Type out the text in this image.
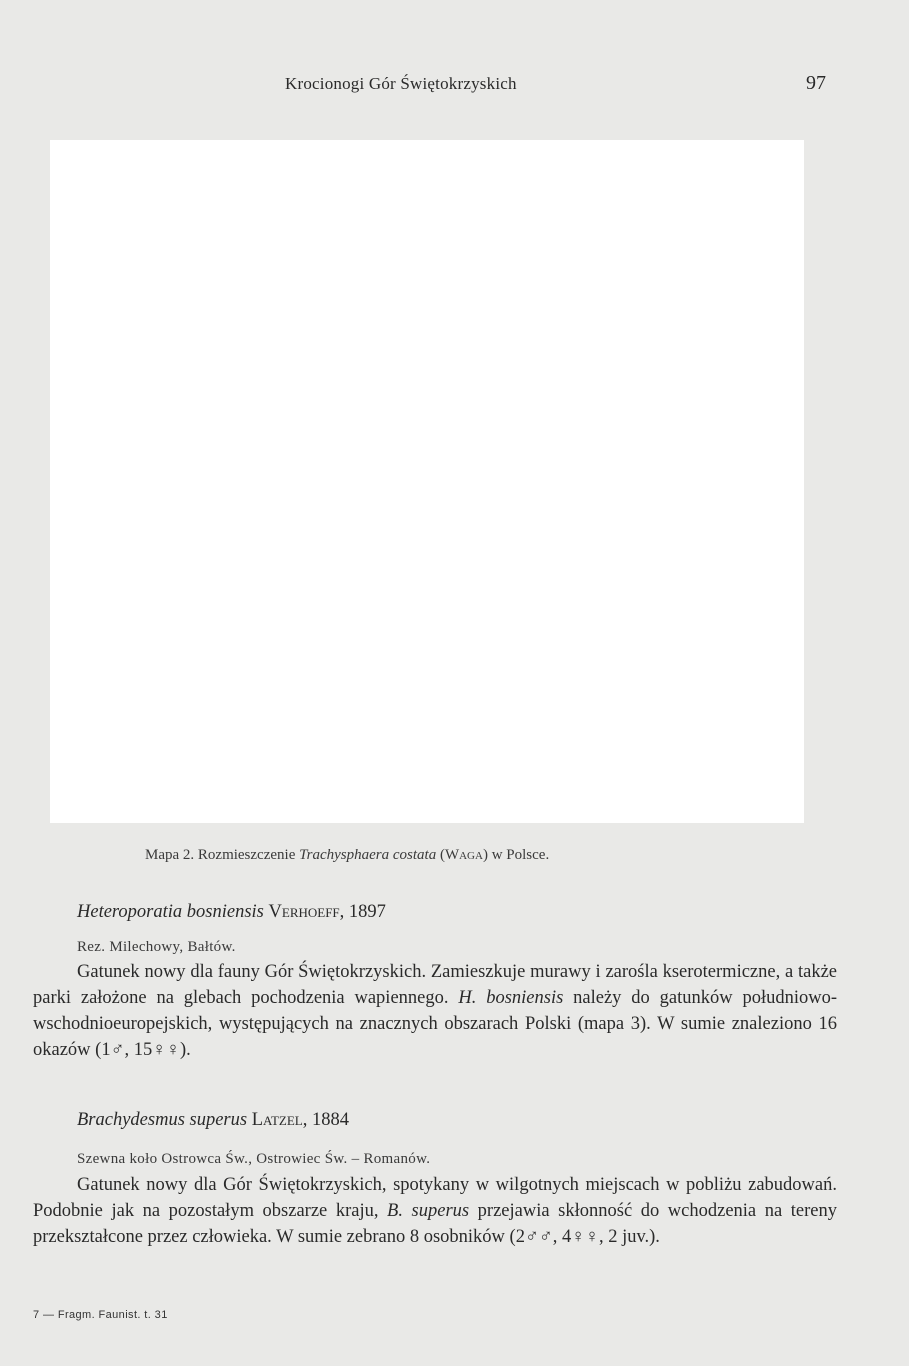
Krocionogi Gór Świętokrzyskich	97
Mapa 2. Rozmieszczenie Trachysphaera costata (Waga) w Polsce.
Heteroporatia bosniensis Verhoeff, 1897
Rez. Milechowy, Bałtów.

Gatunek nowy dla fauny Gór Świętokrzyskich. Zamieszkuje murawy i zarośla kserotermiczne, a także parki założone na glebach pochodzenia wapiennego. H. bosniensis należy do gatunków południowo-wschodnioeuropejskich, występujących na znacznych obszarach Polski (mapa 3). W sumie znaleziono 16 okazów (1♂, 15♀♀).

Brachydesmus superus Latzel, 1884
Szewna koło Ostrowca Św., Ostrowiec Św. – Romanów.

Gatunek nowy dla Gór Świętokrzyskich, spotykany w wilgotnych miejscach w pobliżu zabudowań. Podobnie jak na pozostałym obszarze kraju, B. superus przejawia skłonność do wchodzenia na tereny przekształcone przez człowieka. W sumie zebrano 8 osobników (2♂♂, 4♀♀, 2 juv.).

7 — Fragm. Faunist. t. 31
